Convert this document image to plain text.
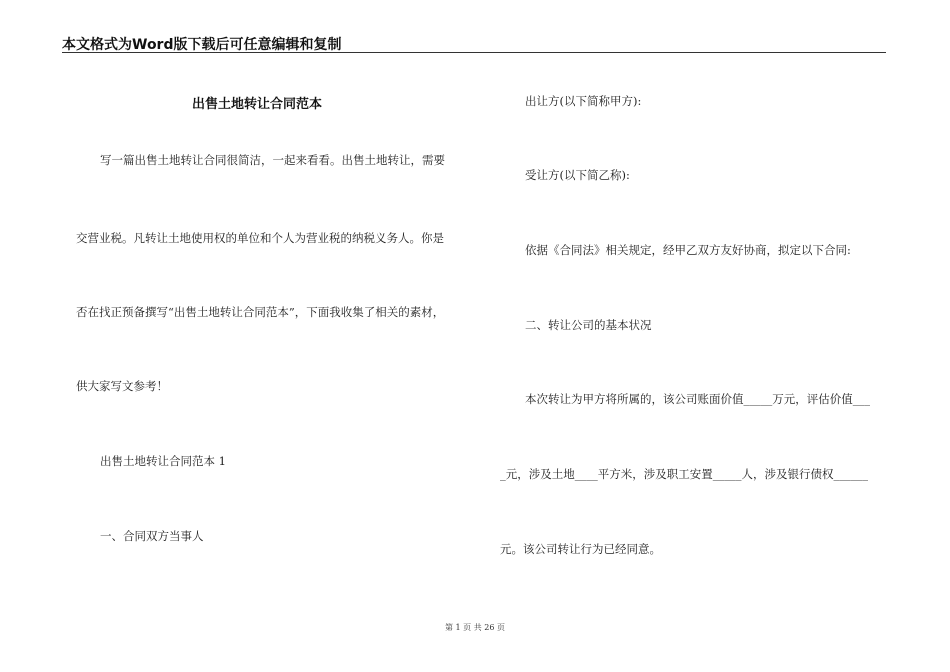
本文格式为Word版下载后可任意编辑和复制
出售土地转让合同范本
写一篇出售土地转让合同很简洁，一起来看看。出售土地转让，需要
交营业税。凡转让土地使用权的单位和个人为营业税的纳税义务人。你是
否在找正预备撰写“出售土地转让合同范本”，下面我收集了相关的素材，
供大家写文参考！
出售土地转让合同范本 1
一、合同双方当事人
出让方(以下简称甲方):
受让方(以下简乙称):
依据《合同法》相关规定，经甲乙双方友好协商，拟定以下合同:
二、转让公司的基本状况
本次转让为甲方将所属的，该公司账面价值_____万元，评估价值___
_元，涉及土地____平方米，涉及职工安置_____人，涉及银行债权______
元。该公司转让行为已经同意。
第 1 页 共 26 页
